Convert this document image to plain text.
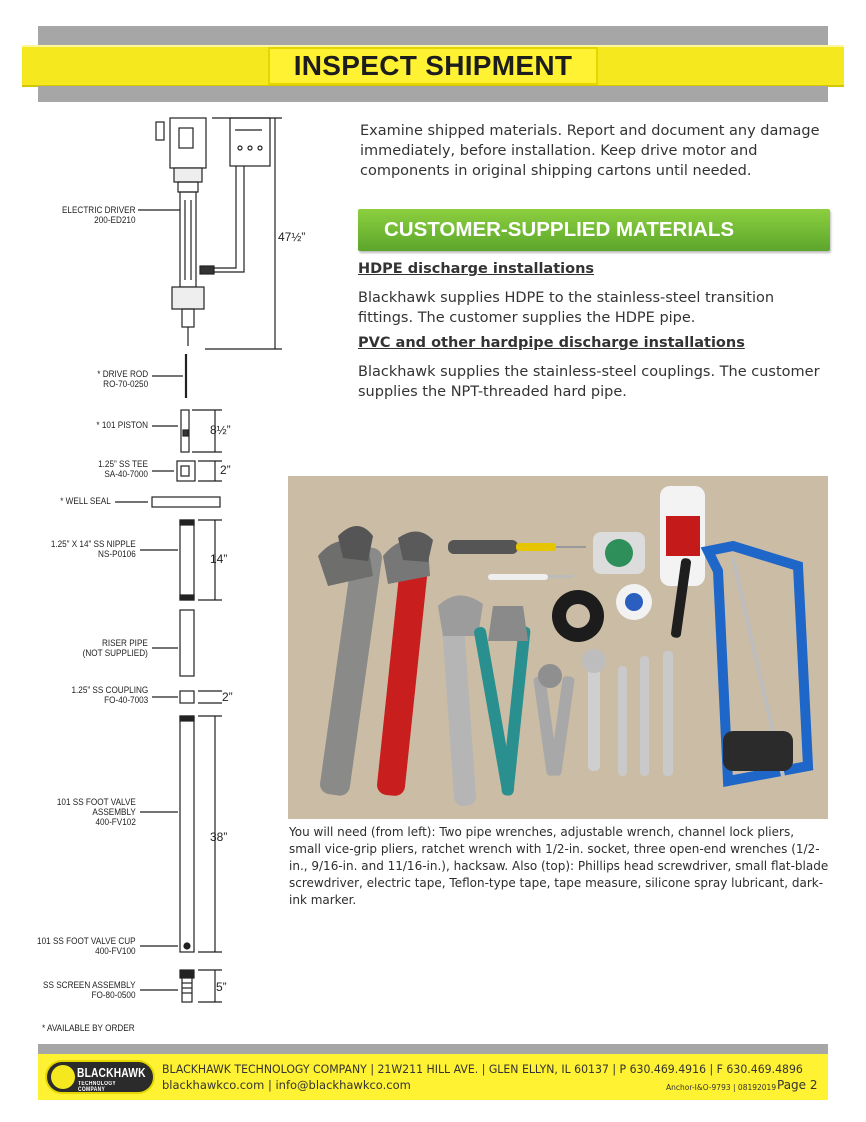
INSPECT SHIPMENT

Examine shipped materials. Report and document any damage immediately, before installation. Keep drive motor and components in original shipping cartons until needed.

CUSTOMER-SUPPLIED MATERIALS
HDPE discharge installations

Blackhawk supplies HDPE to the stainless-steel transition fittings. The customer supplies the HDPE pipe.

PVC and other hardpipe discharge installations

Blackhawk supplies the stainless-steel couplings. The customer supplies the NPT-threaded hard pipe.

ELECTRIC DRIVER
200-ED210
* DRIVE ROD
RO-70-0250
* 101 PISTON
1.25” SS TEE
SA-40-7000
* WELL SEAL
1.25” X 14” SS NIPPLE
NS-P0106
RISER PIPE
(NOT SUPPLIED)
1.25” SS COUPLING
FO-40-7003
101 SS FOOT VALVE
ASSEMBLY
400-FV102
101 SS FOOT VALVE CUP
400-FV100
SS SCREEN ASSEMBLY
FO-80-0500
47½”
8½”
2”
14”
2”
38”
5”
* AVAILABLE BY ORDER

You will need (from left): Two pipe wrenches, adjustable wrench, channel lock pliers, small vice-grip pliers, ratchet wrench with 1/2-in. socket, three open-end wrenches (1/2-in., 9/16-in. and 11/16-in.), hacksaw. Also (top): Phillips head screwdriver, small flat-blade screwdriver, electric tape, Teflon-type tape, tape measure, silicone spray lubricant, dark-ink marker.

BLACKHAWK
TECHNOLOGY COMPANY
BLACKHAWK TECHNOLOGY COMPANY | 21W211 HILL AVE. | GLEN ELLYN, IL 60137 | P 630.469.4916 | F 630.469.4896
blackhawkco.com | info@blackhawkco.com	Anchor-I&O-9793 | 08192019 Page 2
